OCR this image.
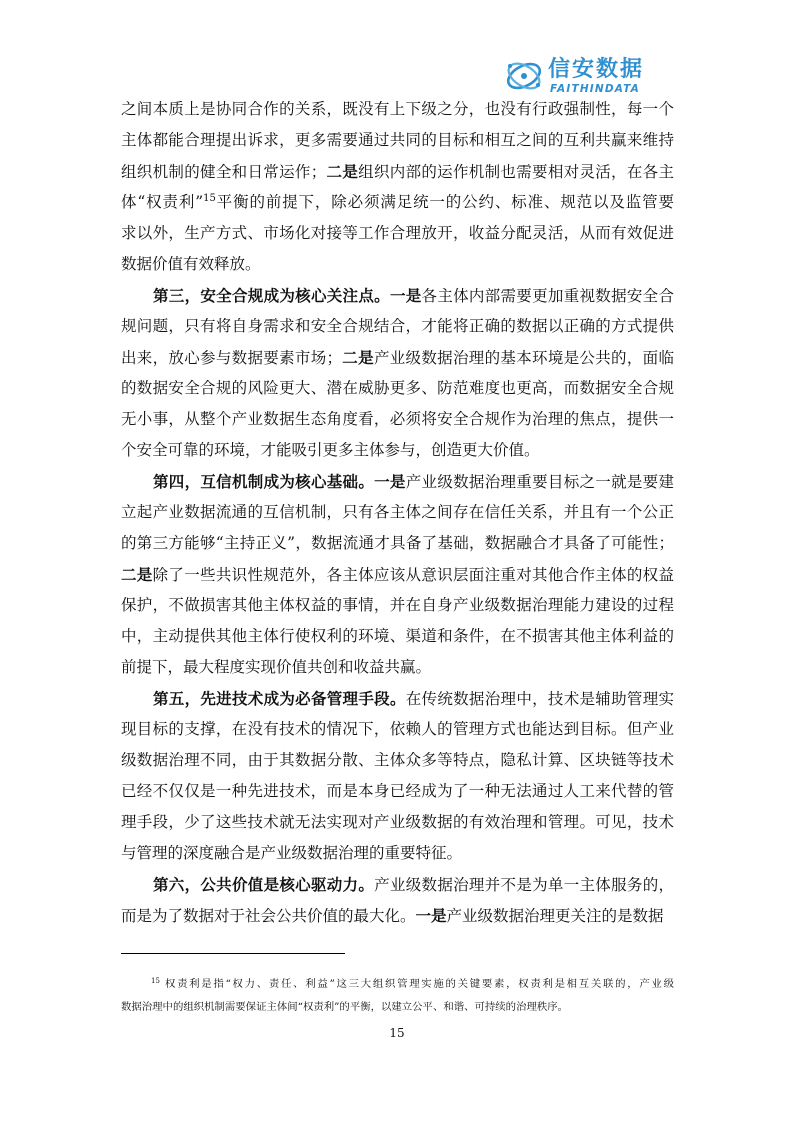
信安数据
FAITHINDATA
之间本质上是协同合作的关系，既没有上下级之分，也没有行政强制性，每一个
主体都能合理提出诉求，更多需要通过共同的目标和相互之间的互利共赢来维持
组织机制的健全和日常运作；二是组织内部的运作机制也需要相对灵活，在各主
体“权责利”$^{15}$平衡的前提下，除必须满足统一的公约、标准、规范以及监管要
求以外，生产方式、市场化对接等工作合理放开，收益分配灵活，从而有效促进
数据价值有效释放。
第三，安全合规成为核心关注点。一是各主体内部需要更加重视数据安全合
规问题，只有将自身需求和安全合规结合，才能将正确的数据以正确的方式提供
出来，放心参与数据要素市场；二是产业级数据治理的基本环境是公共的，面临
的数据安全合规的风险更大、潜在威胁更多、防范难度也更高，而数据安全合规
无小事，从整个产业数据生态角度看，必须将安全合规作为治理的焦点，提供一
个安全可靠的环境，才能吸引更多主体参与，创造更大价值。
第四，互信机制成为核心基础。一是产业级数据治理重要目标之一就是要建
立起产业数据流通的互信机制，只有各主体之间存在信任关系，并且有一个公正
的第三方能够“主持正义”，数据流通才具备了基础，数据融合才具备了可能性；
二是除了一些共识性规范外，各主体应该从意识层面注重对其他合作主体的权益
保护，不做损害其他主体权益的事情，并在自身产业级数据治理能力建设的过程
中，主动提供其他主体行使权利的环境、渠道和条件，在不损害其他主体利益的
前提下，最大程度实现价值共创和收益共赢。
第五，先进技术成为必备管理手段。在传统数据治理中，技术是辅助管理实
现目标的支撑，在没有技术的情况下，依赖人的管理方式也能达到目标。但产业
级数据治理不同，由于其数据分散、主体众多等特点，隐私计算、区块链等技术
已经不仅仅是一种先进技术，而是本身已经成为了一种无法通过人工来代替的管
理手段，少了这些技术就无法实现对产业级数据的有效治理和管理。可见，技术
与管理的深度融合是产业级数据治理的重要特征。
第六，公共价值是核心驱动力。产业级数据治理并不是为单一主体服务的，
而是为了数据对于社会公共价值的最大化。一是产业级数据治理更关注的是数据
$^{15}$ 权责利是指“权力、责任、利益”这三大组织管理实施的关键要素，权责利是相互关联的，产业级
数据治理中的组织机制需要保证主体间“权责利”的平衡，以建立公平、和谐、可持续的治理秩序。
15
